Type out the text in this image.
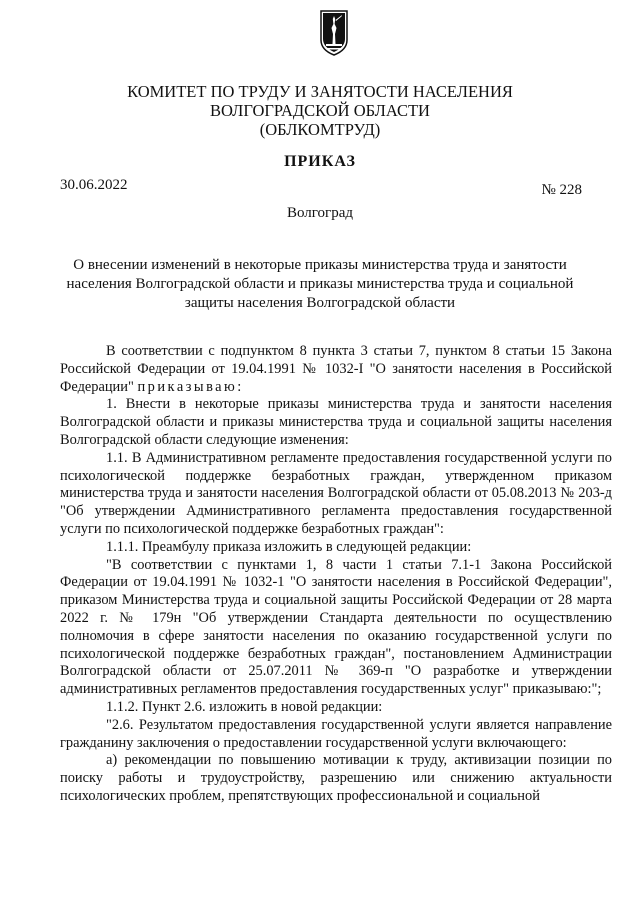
КОМИТЕТ ПО ТРУДУ И ЗАНЯТОСТИ НАСЕЛЕНИЯ
ВОЛГОГРАДСКОЙ ОБЛАСТИ
(ОБЛКОМТРУД)
ПРИКАЗ
30.06.2022	№ 228
Волгоград
О внесении изменений в некоторые приказы министерства труда и занятости
населения Волгоградской области и приказы министерства труда и социальной
защиты населения Волгоградской области

В соответствии с подпунктом 8 пункта 3 статьи 7, пунктом 8 статьи 15 Закона Российской Федерации от 19.04.1991 № 1032-I "О занятости населения в Российской Федерации" приказываю:

1. Внести в некоторые приказы министерства труда и занятости населения Волгоградской области и приказы министерства труда и социальной защиты населения Волгоградской области следующие изменения:

1.1. В Административном регламенте предоставления государственной услуги по психологической поддержке безработных граждан, утвержденном приказом министерства труда и занятости населения Волгоградской области от 05.08.2013 № 203-д "Об утверждении Административного регламента предоставления государственной услуги по психологической поддержке безработных граждан":

1.1.1. Преамбулу приказа изложить в следующей редакции:

"В соответствии с пунктами 1, 8 части 1 статьи 7.1-1 Закона Российской Федерации от 19.04.1991 № 1032-1 "О занятости населения в Российской Федерации", приказом Министерства труда и социальной защиты Российской Федерации от 28 марта 2022 г. № 179н "Об утверждении Стандарта деятельности по осуществлению полномочия в сфере занятости населения по оказанию государственной услуги по психологической поддержке безработных граждан", постановлением Администрации Волгоградской области от 25.07.2011 № 369-п "О разработке и утверждении административных регламентов предоставления государственных услуг" приказываю:";

1.1.2. Пункт 2.6. изложить в новой редакции:

"2.6. Результатом предоставления государственной услуги является направление гражданину заключения о предоставлении государственной услуги включающего:

а) рекомендации по повышению мотивации к труду, активизации позиции по поиску работы и трудоустройству, разрешению или снижению актуальности психологических проблем, препятствующих профессиональной и социальной
